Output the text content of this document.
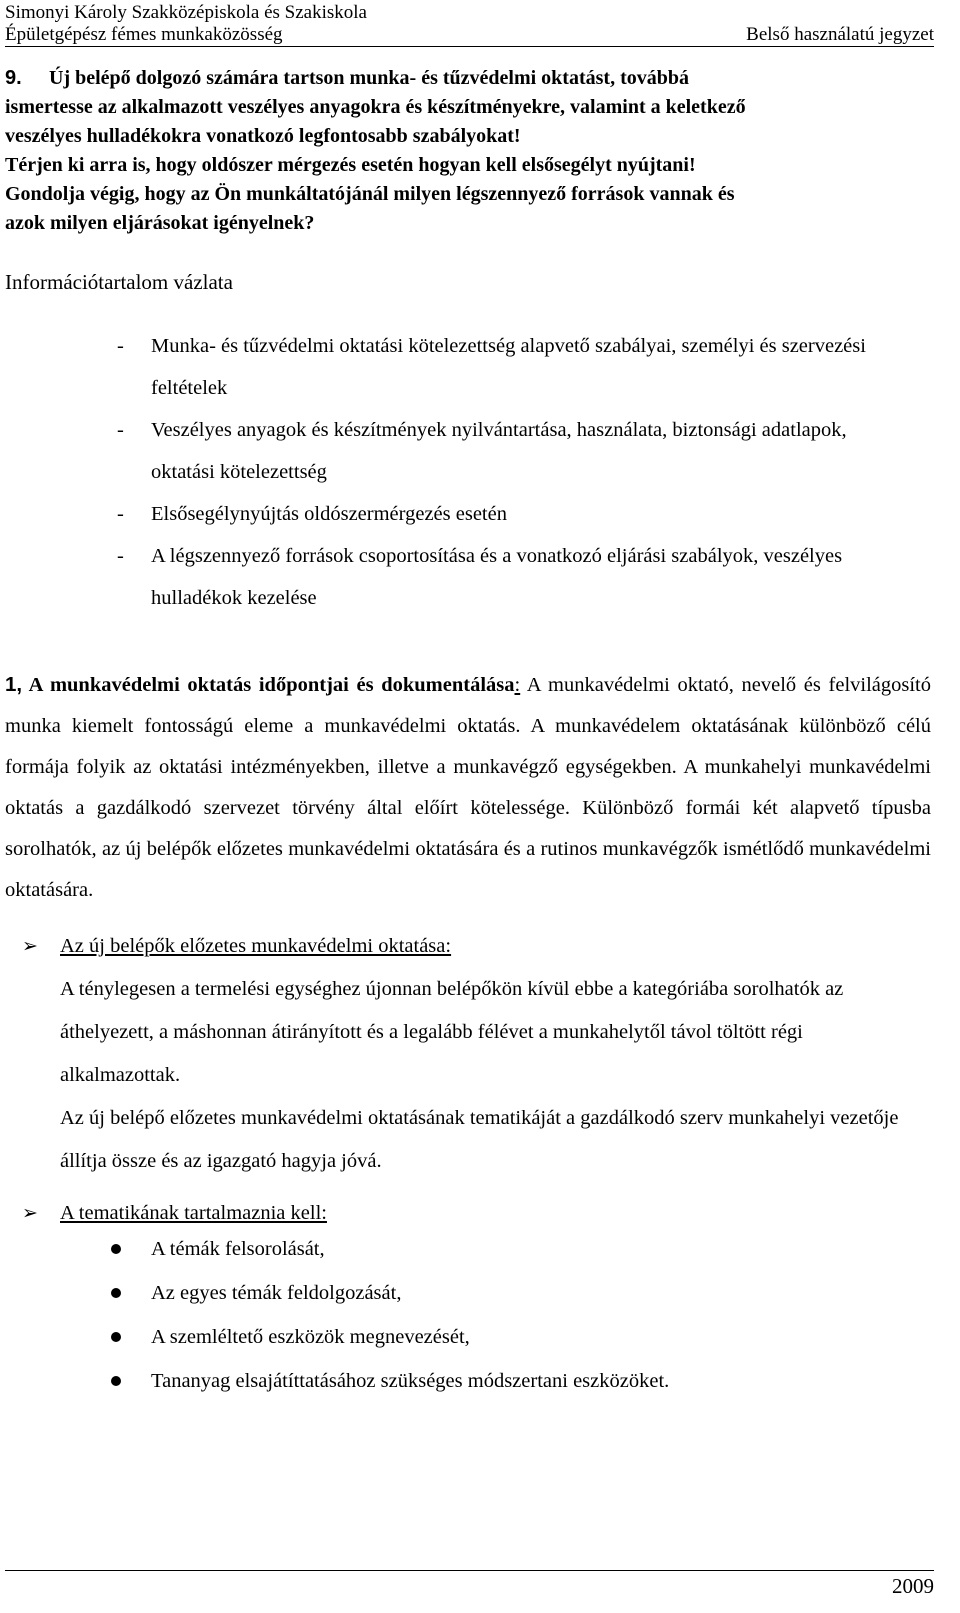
Simonyi Károly Szakközépiskola és Szakiskola
Épületgépész fémes munkaközösség	Belső használatú jegyzet
9. Új belépő dolgozó számára tartson munka- és tűzvédelmi oktatást, továbbá
ismertesse az alkalmazott veszélyes anyagokra és készítményekre, valamint a keletkező
veszélyes hulladékokra vonatkozó legfontosabb szabályokat!
Térjen ki arra is, hogy oldószer mérgezés esetén hogyan kell elsősegélyt nyújtani!
Gondolja végig, hogy az Ön munkáltatójánál milyen légszennyező források vannak és
azok milyen eljárásokat igényelnek?
Információtartalom vázlata
- Munka- és tűzvédelmi oktatási kötelezettség alapvető szabályai, személyi és szervezési feltételek
- Veszélyes anyagok és készítmények nyilvántartása, használata, biztonsági adatlapok, oktatási kötelezettség
- Elsősegélynyújtás oldószermérgezés esetén
- A légszennyező források csoportosítása és a vonatkozó eljárási szabályok, veszélyes hulladékok kezelése
1, A munkavédelmi oktatás időpontjai és dokumentálása: A munkavédelmi oktató, nevelő és felvilágosító munka kiemelt fontosságú eleme a munkavédelmi oktatás. A munkavédelem oktatásának különböző célú formája folyik az oktatási intézményekben, illetve a munkavégző egységekben. A munkahelyi munkavédelmi oktatás a gazdálkodó szervezet törvény által előírt kötelessége. Különböző formái két alapvető típusba sorolhatók, az új belépők előzetes munkavédelmi oktatására és a rutinos munkavégzők ismétlődő munkavédelmi oktatására.
➢ Az új belépők előzetes munkavédelmi oktatása:
A ténylegesen a termelési egységhez újonnan belépőkön kívül ebbe a kategóriába sorolhatók az áthelyezett, a máshonnan átirányított és a legalább félévet a munkahelytől távol töltött régi alkalmazottak.
Az új belépő előzetes munkavédelmi oktatásának tematikáját a gazdálkodó szerv munkahelyi vezetője állítja össze és az igazgató hagyja jóvá.
➢ A tematikának tartalmaznia kell:
A témák felsorolását,
Az egyes témák feldolgozását,
A szemléltető eszközök megnevezését,
Tananyag elsajátíttatásához szükséges módszertani eszközöket.
2009
